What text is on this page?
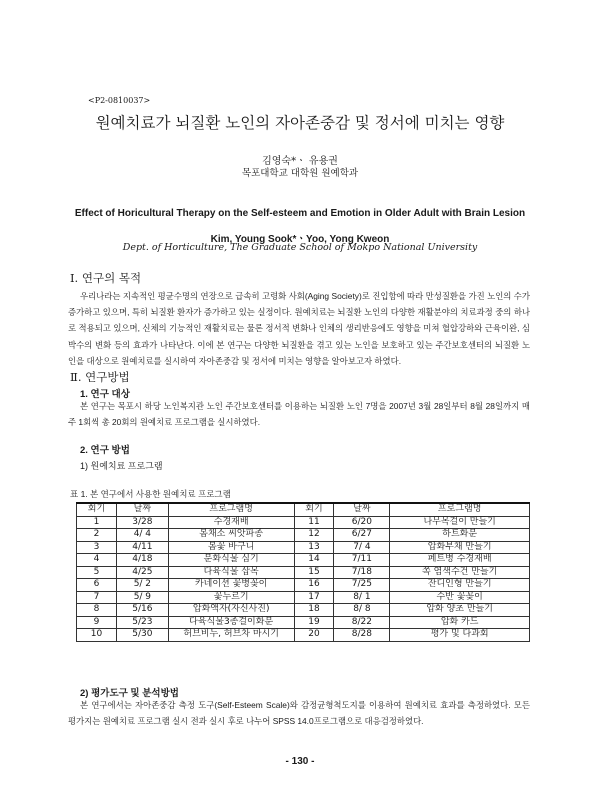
<P2-0810037>
원예치료가 뇌질환 노인의 자아존중감 및 정서에 미치는 영향
김영숙*ㆍ 유용권
목포대학교 대학원 원예학과
Effect of Horicultural Therapy on the Self-esteem and Emotion in Older Adult with Brain Lesion
Kim, Young Sook*ㆍYoo, Yong Kweon
Dept. of Horticulture, The Graduate School of Mokpo National University
Ⅰ. 연구의 목적

우리나라는 지속적인 평균수명의 연장으로 급속히 고령화 사회(Aging Society)로 진입함에 따라 만성질환을 가진 노인의 수가 증가하고 있으며, 특히 뇌질환 환자가 증가하고 있는 실정이다. 원예치료는 뇌질환 노인의 다양한 재활분야의 치료과정 중의 하나로 적용되고 있으며, 신체의 기능적인 재활치료는 물론 정서적 변화나 인체의 생리반응에도 영향을 미쳐 혈압강하와 근육이완, 심박수의 변화 등의 효과가 나타난다. 이에 본 연구는 다양한 뇌질환을 겪고 있는 노인을 보호하고 있는 주간보호센터의 뇌질환 노인을 대상으로 원예치료를 실시하여 자아존중감 및 정서에 미치는 영향을 알아보고자 하였다.

Ⅱ. 연구방법
1. 연구 대상

본 연구는 목포시 하당 노인복지관 노인 주간보호센터를 이용하는 뇌질환 노인 7명을 2007년 3월 28일부터 8월 28일까지 매주 1회씩 총 20회의 원예치료 프로그램을 실시하였다.

2. 연구 방법
1) 원예치료 프로그램
표 1. 본 연구에서 사용한 원예치료 프로그램
회기	날짜	프로그램명	회기	날짜	프로그램명
1	3/28	수경재배	11	6/20	나무목걸이 만들기
2	4/ 4	봄채소 씨앗파종	12	6/27	하트화분
3	4/11	봄꽃 바구니	13	7/ 4	압화부채 만들기
4	4/18	분화식물 심기	14	7/11	페트병 수경재배
5	4/25	다육식물 삽목	15	7/18	쪽 염색수건 만들기
6	5/ 2	카네이션 꽃병꽂이	16	7/25	잔디인형 만들기
7	5/ 9	꽃누르기	17	8/ 1	수반 꽃꽂이
8	5/16	압화액자(자신사진)	18	8/ 8	압화 양초 만들기
9	5/23	다육식물3종걸이화분	19	8/22	압화 카드
10	5/30	허브비누, 허브차 마시기	20	8/28	평가 및 다과회
2) 평가도구 및 분석방법

본 연구에서는 자아존중감 측정 도구(Self-Esteem Scale)와 감정균형척도지를 이용하여 원예치료 효과를 측정하였다. 모든 평가지는 원예치료 프로그램 실시 전과 실시 후로 나누어 SPSS 14.0프로그램으로 대응검정하였다.

- 130 -
